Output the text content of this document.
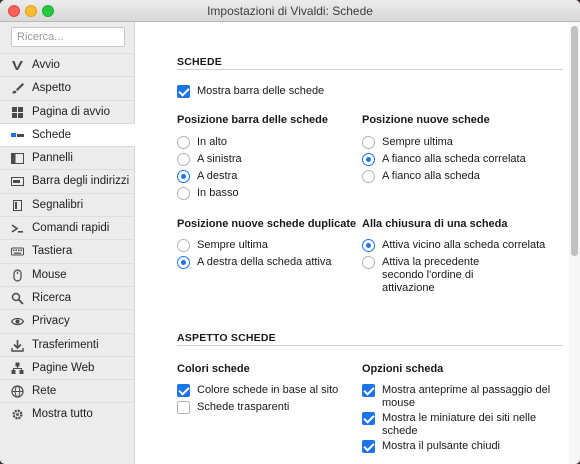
Impostazioni di Vivaldi: Schede
Ricerca...
Avvio
Aspetto
Pagina di avvio
Schede
Pannelli
Barra degli indirizzi
Segnalibri
Comandi rapidi
Tastiera
Mouse
Ricerca
Privacy
Trasferimenti
Pagine Web
Rete
Mostra tutto
SCHEDE
Mostra barra delle schede
Posizione barra delle schede
In alto
A sinistra
A destra
In basso
Posizione nuove schede
Sempre ultima
A fianco alla scheda correlata
A fianco alla scheda
Posizione nuove schede duplicate
Sempre ultima
A destra della scheda attiva
Alla chiusura di una scheda
Attiva vicino alla scheda correlata
Attiva la precedente secondo l'ordine di attivazione
ASPETTO SCHEDE
Colori schede
Colore schede in base al sito
Schede trasparenti
Opzioni scheda
Mostra anteprime al passaggio del mouse
Mostra le miniature dei siti nelle schede
Mostra il pulsante chiudi
